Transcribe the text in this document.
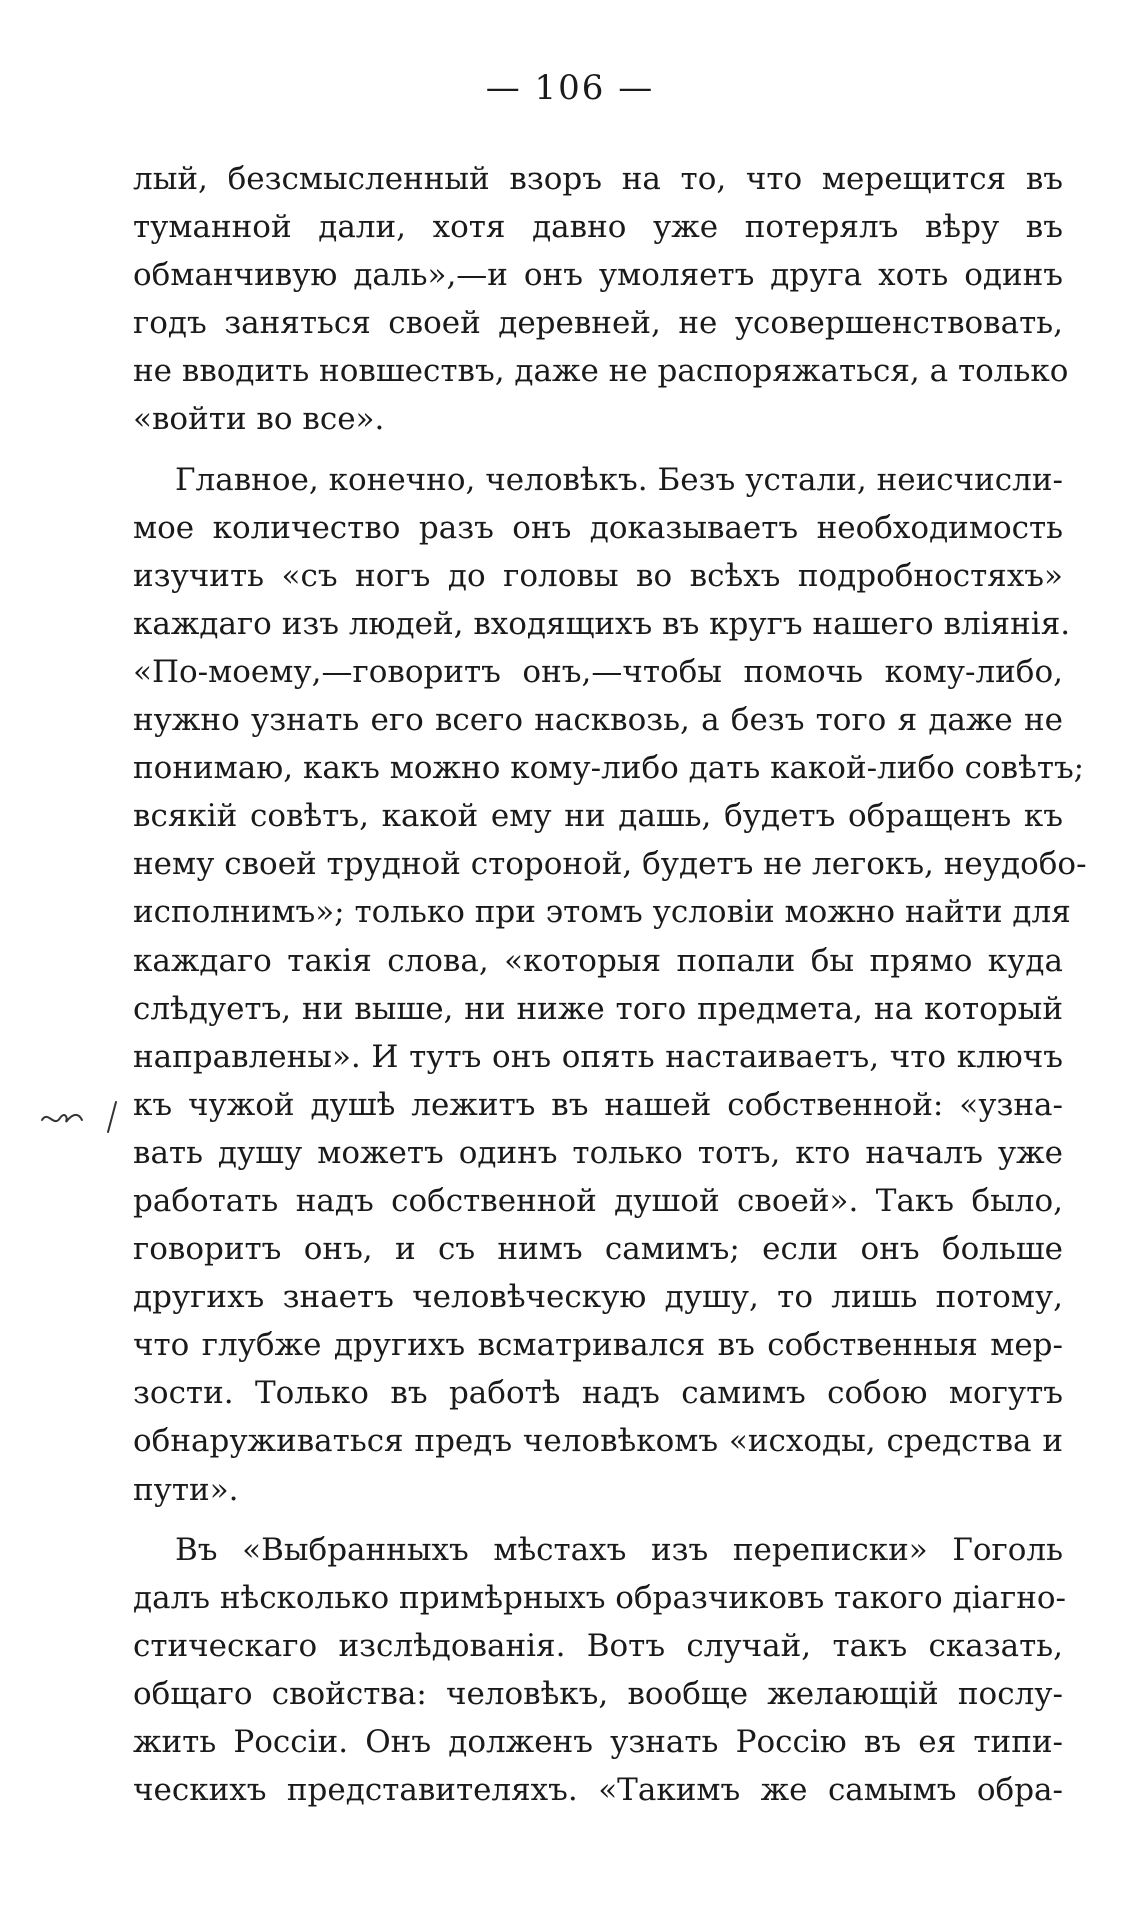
— 106 —
лый, безсмысленный взоръ на то, что мерещится въ
туманной дали, хотя давно уже потерялъ вѣру въ
обманчивую даль»,—и онъ умоляетъ друга хоть одинъ
годъ заняться своей деревней, не усовершенствовать,
не вводить новшествъ, даже не распоряжаться, а только
«войти во все».
Главное, конечно, человѣкъ. Безъ устали, неисчисли-
мое количество разъ онъ доказываетъ необходимость
изучить «съ ногъ до головы во всѣхъ подробностяхъ»
каждаго изъ людей, входящихъ въ кругъ нашего вліянія.
«По-моему,—говоритъ онъ,—чтобы помочь кому-либо,
нужно узнать его всего насквозь, а безъ того я даже не
понимаю, какъ можно кому-либо дать какой-либо совѣтъ;
всякій совѣтъ, какой ему ни дашь, будетъ обращенъ къ
нему своей трудной стороной, будетъ не легокъ, неудобо-
исполнимъ»; только при этомъ условіи можно найти для
каждаго такія слова, «которыя попали бы прямо куда
слѣдуетъ, ни выше, ни ниже того предмета, на который
направлены». И тутъ онъ опять настаиваетъ, что ключъ
къ чужой душѣ лежитъ въ нашей собственной: «узна-
вать душу можетъ одинъ только тотъ, кто началъ уже
работать надъ собственной душой своей». Такъ было,
говоритъ онъ, и съ нимъ самимъ; если онъ больше
другихъ знаетъ человѣческую душу, то лишь потому,
что глубже другихъ всматривался въ собственныя мер-
зости. Только въ работѣ надъ самимъ собою могутъ
обнаруживаться предъ человѣкомъ «исходы, средства и
пути».
Въ «Выбранныхъ мѣстахъ изъ переписки» Гоголь
далъ нѣсколько примѣрныхъ образчиковъ такого діагно-
стическаго изслѣдованія. Вотъ случай, такъ сказать,
общаго свойства: человѣкъ, вообще желающій послу-
жить Россіи. Онъ долженъ узнать Россію въ ея типи-
ческихъ представителяхъ. «Такимъ же самымъ обра-
